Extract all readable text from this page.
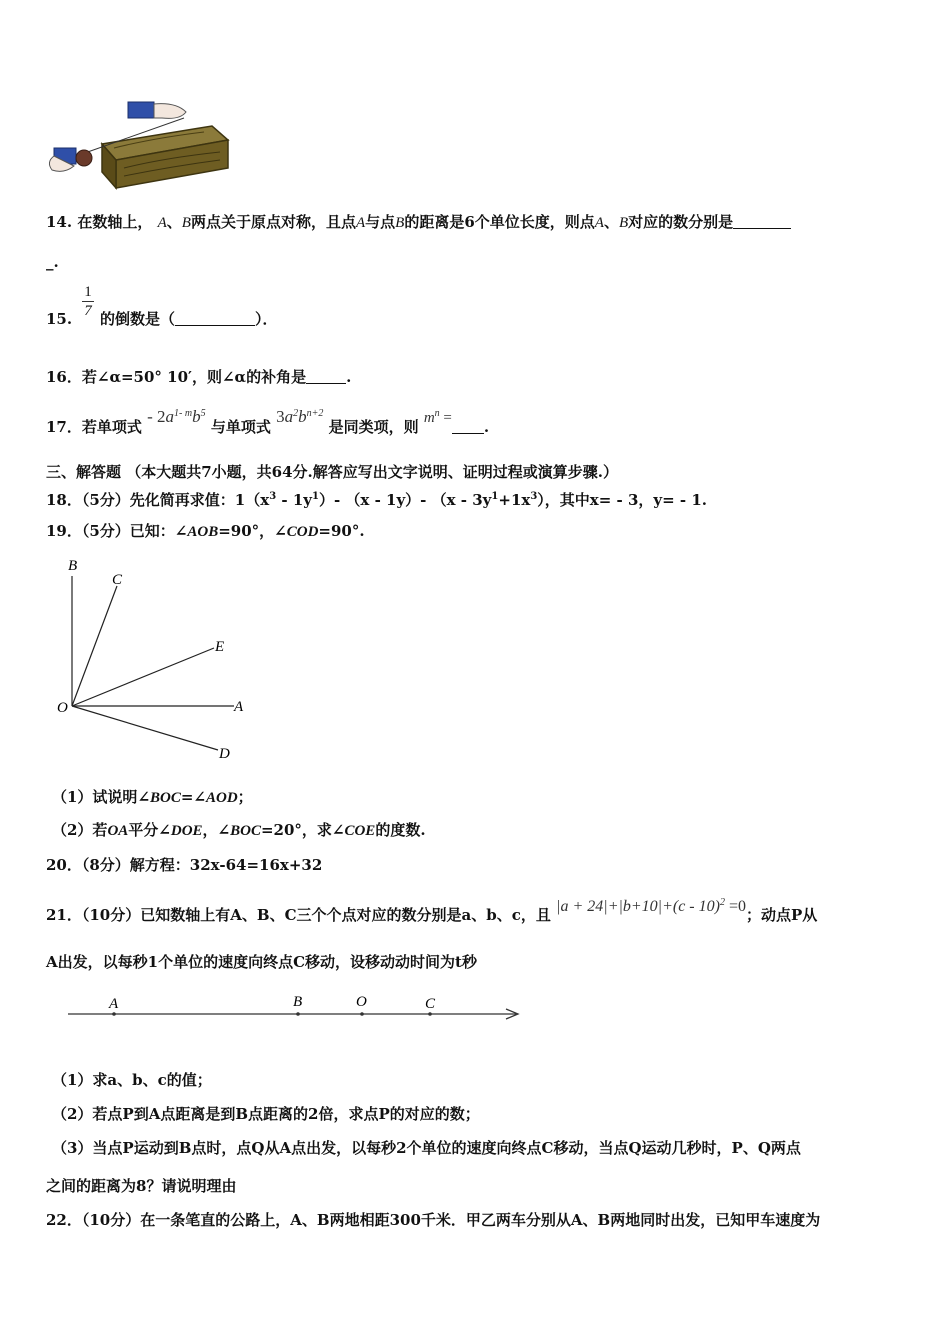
14. 在数轴上， A、B两点关于原点对称，且点A与点B的距离是6个单位长度，则点A、B对应的数分别是
_.
15.
1
7 的倒数是（	）．
16．若∠α=50° 10′，则∠α的补角是	.
17．若单项式 - $2a^{1- m}b^5$ 与单项式 $3a^2b^{n+2}$ 是同类项，则 $m^n$ = .
三、解答题 （本大题共7小题，共64分.解答应写出文字说明、证明过程或演算步骤.）
18．（5分）先化简再求值：$1(x^3 - 1y^1)-$ （x - 1y）- $(x - 3y^1+1x^3)$，其中x= - 3，y= - 1.
19．（5分）已知：∠AOB=90°，∠COD=90°.
B
C
E
O	A
D
（1）试说明∠BOC=∠AOD；
（2）若OA平分∠DOE，∠BOC=20°，求∠COE的度数.
20．（8分）解方程：32x-64=16x+32
21．（10分）已知数轴上有A、B、C三个个点对应的数分别是a、b、c，且 |a + 24|+|b+10|+(c - 10)$^2$ =0；动点P从
A出发，以每秒1个单位的速度向终点C移动，设移动动时间为t秒
A	B	O	C
（1）求a、b、c的值；
（2）若点P到A点距离是到B点距离的2倍，求点P的对应的数；
（3）当点P运动到B点时，点Q从A点出发，以每秒2个单位的速度向终点C移动，当点Q运动几秒时，P、Q两点
之间的距离为8？请说明理由
22．（10分）在一条笔直的公路上，A、B两地相距300千米．甲乙两车分别从A、B两地同时出发，已知甲车速度为
